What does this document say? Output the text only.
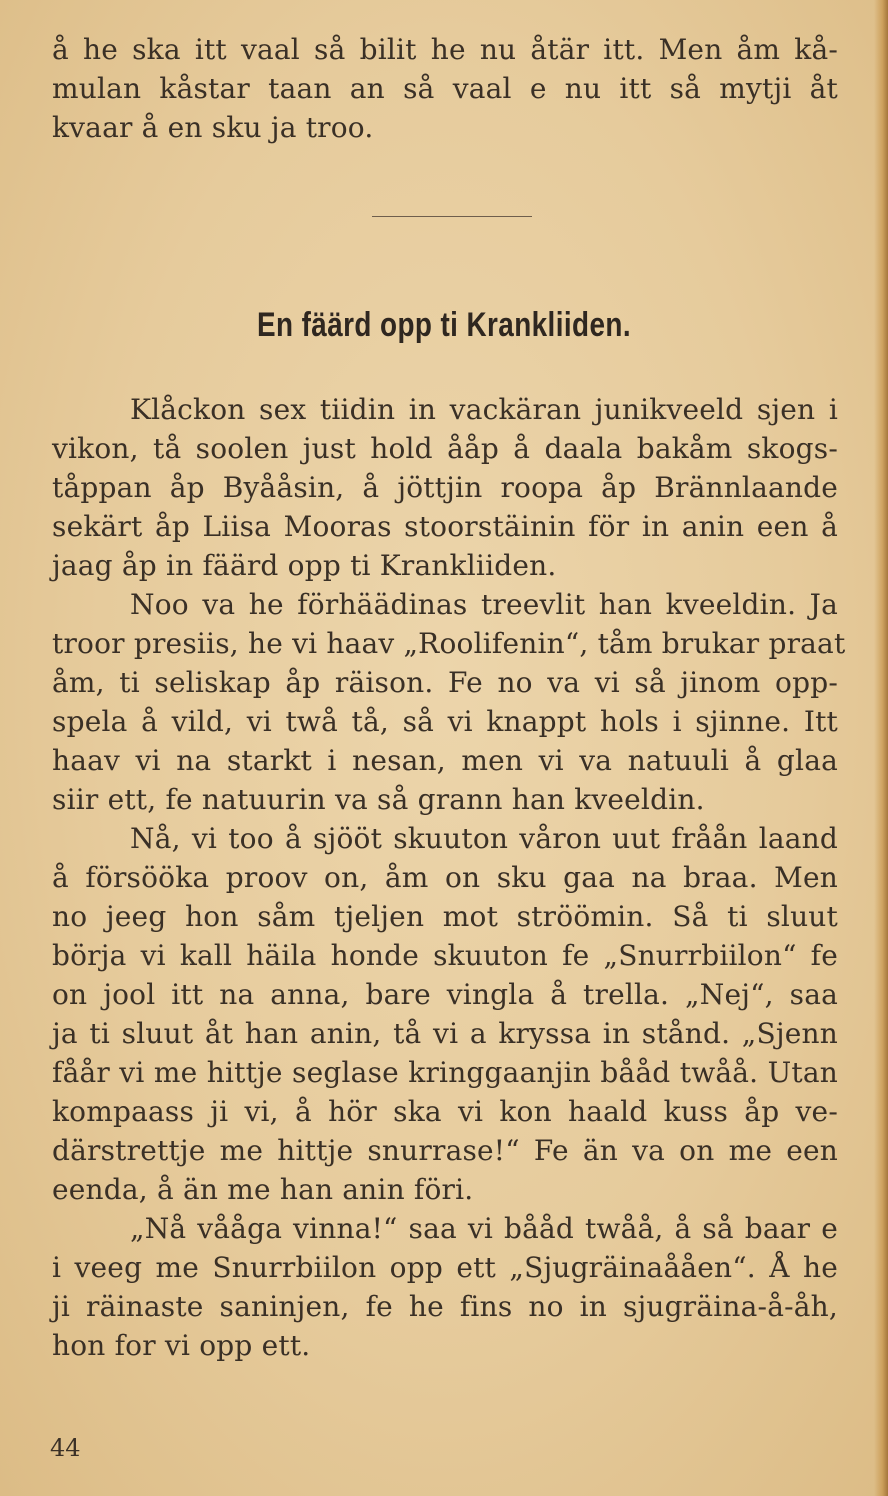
å he ska itt vaal så bilit he nu åtär itt. Men åm kå-
mulan kåstar taan an så vaal e nu itt så mytji åt
kvaar å en sku ja troo.
En fäärd opp ti Krankliiden.
Klåckon sex tiidin in vackäran junikveeld sjen i
vikon, tå soolen just hold ååp å daala bakåm skogs-
tåppan åp Byååsin, å jöttjin roopa åp Brännlaande
sekärt åp Liisa Mooras stoorstäinin för in anin een å
jaag åp in fäärd opp ti Krankliiden.
Noo va he förhäädinas treevlit han kveeldin. Ja
troor presiis, he vi haav „Roolifenin“, tåm brukar praat
åm, ti seliskap åp räison. Fe no va vi så jinom opp-
spela å vild, vi twå tå, så vi knappt hols i sjinne. Itt
haav vi na starkt i nesan, men vi va natuuli å glaa
siir ett, fe natuurin va så grann han kveeldin.
Nå, vi too å sjööt skuuton våron uut fråån laand
å försööka proov on, åm on sku gaa na braa. Men
no jeeg hon såm tjeljen mot ströömin. Så ti sluut
börja vi kall häila honde skuuton fe „Snurrbiilon“ fe
on jool itt na anna, bare vingla å trella. „Nej“, saa
ja ti sluut åt han anin, tå vi a kryssa in stånd. „Sjenn
fåår vi me hittje seglase kringgaanjin bååd twåå. Utan
kompaass ji vi, å hör ska vi kon haald kuss åp ve-
därstrettje me hittje snurrase!“ Fe än va on me een
eenda, å än me han anin föri.
„Nå vååga vinna!“ saa vi bååd twåå, å så baar e
i veeg me Snurrbiilon opp ett „Sjugräinaååen“. Å he
ji räinaste saninjen, fe he fins no in sjugräina-å-åh,
hon for vi opp ett.
44
